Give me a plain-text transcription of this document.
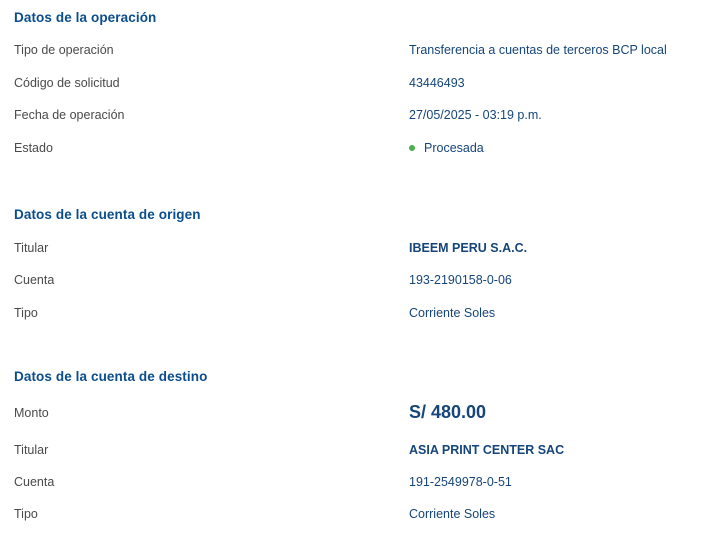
Datos de la operación
Tipo de operación	Transferencia a cuentas de terceros BCP local
Código de solicitud	43446493
Fecha de operación	27/05/2025 - 03:19 p.m.
Estado	Procesada
Datos de la cuenta de origen
Titular	IBEEM PERU S.A.C.
Cuenta	193-2190158-0-06
Tipo	Corriente Soles
Datos de la cuenta de destino
Monto	S/ 480.00
Titular	ASIA PRINT CENTER SAC
Cuenta	191-2549978-0-51
Tipo	Corriente Soles
